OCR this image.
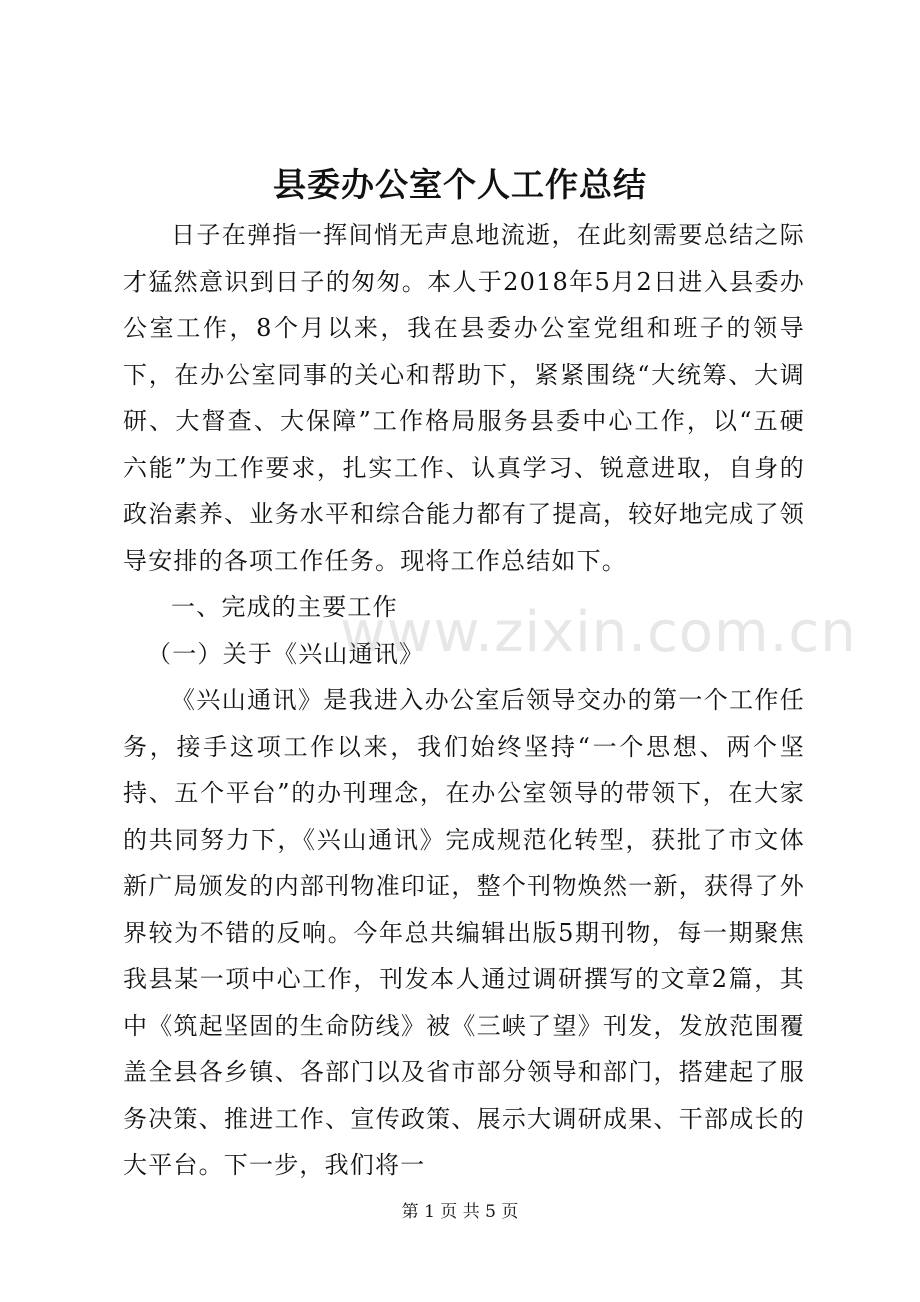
县委办公室个人工作总结

日子在弹指一挥间悄无声息地流逝，在此刻需要总结之际才猛然意识到日子的匆匆。本人于2018年5月2日进入县委办公室工作，8个月以来，我在县委办公室党组和班子的领导下，在办公室同事的关心和帮助下，紧紧围绕“大统筹、大调研、大督查、大保障”工作格局服务县委中心工作，以“五硬六能”为工作要求，扎实工作、认真学习、锐意进取，自身的政治素养、业务水平和综合能力都有了提高，较好地完成了领导安排的各项工作任务。现将工作总结如下。

一、完成的主要工作

（一）关于《兴山通讯》

《兴山通讯》是我进入办公室后领导交办的第一个工作任务，接手这项工作以来，我们始终坚持“一个思想、两个坚持、五个平台”的办刊理念，在办公室领导的带领下，在大家的共同努力下，《兴山通讯》完成规范化转型，获批了市文体新广局颁发的内部刊物准印证，整个刊物焕然一新，获得了外界较为不错的反响。今年总共编辑出版5期刊物，每一期聚焦我县某一项中心工作，刊发本人通过调研撰写的文章2篇，其中《筑起坚固的生命防线》被《三峡了望》刊发，发放范围覆盖全县各乡镇、各部门以及省市部分领导和部门，搭建起了服务决策、推进工作、宣传政策、展示大调研成果、干部成长的大平台。下一步，我们将一

www.zixin.com.cn
第 1 页 共 5 页
